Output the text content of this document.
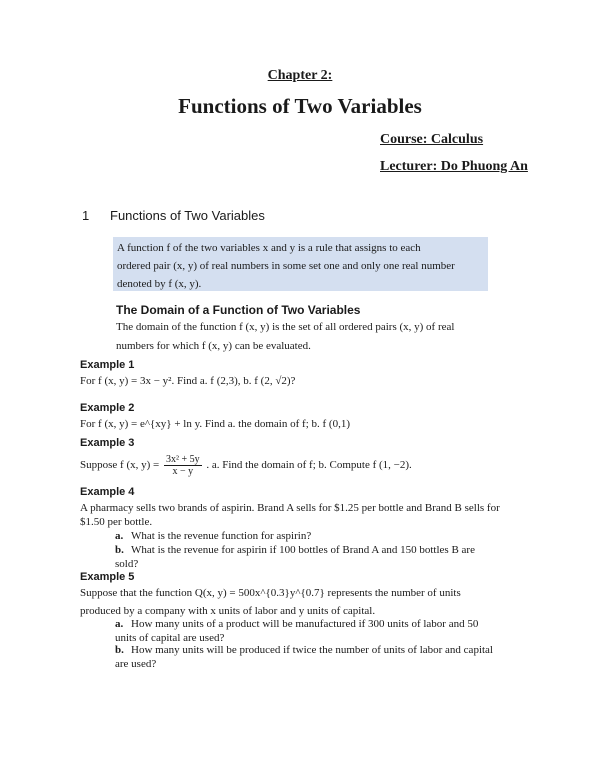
Chapter 2:
Functions of Two Variables
Course: Calculus
Lecturer: Do Phuong An
1 Functions of Two Variables
A function f of the two variables x and y is a rule that assigns to each
ordered pair (x, y) of real numbers in some set one and only one real number
denoted by f (x, y).
The Domain of a Function of Two Variables
The domain of the function f (x, y) is the set of all ordered pairs (x, y) of real
numbers for which f (x, y) can be evaluated.
Example 1
For f (x, y) = 3x − y². Find a. f (2,3), b. f (2, √2)?
Example 2
For f (x, y) = e^{xy} + ln y. Find a. the domain of f; b. f (0,1)
Example 3
Suppose f (x, $y) = \frac{\text{3x² + 5y}}{x - y}$ . a. Find the domain of f; b. Compute f (1, −2).
Example 4
A pharmacy sells two brands of aspirin. Brand A sells for $1.25 per bottle and Brand B sells for $1.50 per bottle.
a. What is the revenue function for aspirin?
b. What is the revenue for aspirin if 100 bottles of Brand A and 150 bottles B are sold?
Example 5
Suppose that the function Q(x, y) = 500x^{0.3}y^{0.7} represents the number of units
produced by a company with x units of labor and y units of capital.
a. How many units of a product will be manufactured if 300 units of labor and 50 units of capital are used?
b. How many units will be produced if twice the number of units of labor and capital are used?
